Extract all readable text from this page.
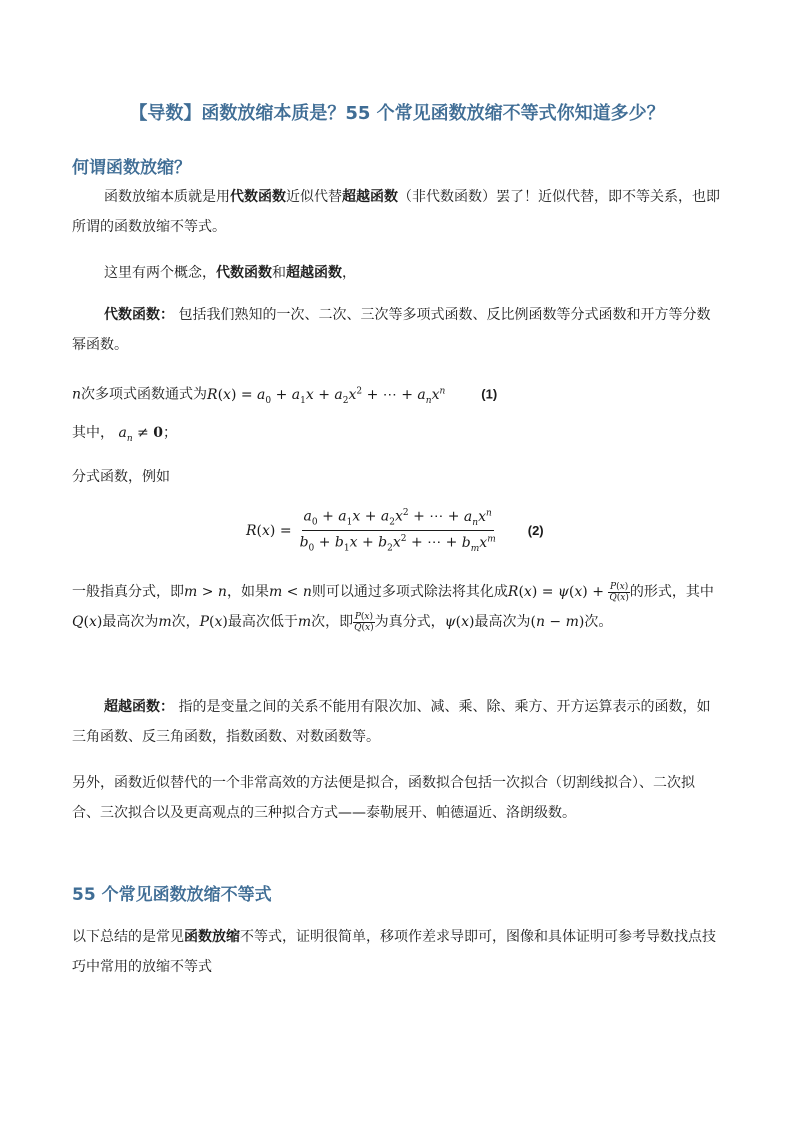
【导数】函数放缩本质是？55 个常见函数放缩不等式你知道多少？
何谓函数放缩？
函数放缩本质就是用代数函数近似代替超越函数（非代数函数）罢了！近似代替，即不等关系，也即所谓的函数放缩不等式。
这里有两个概念，代数函数和超越函数，
代数函数： 包括我们熟知的一次、二次、三次等多项式函数、反比例函数等分式函数和开方等分数幂函数。
n次多项式函数通式为$R(x) = a_0 + a_1x + a_2x^2$ + ⋯ + $a_nx^n$	(1)
其中， $a_n \ne 0$；
分式函数，例如
$R(x) = \frac{a_0 + a_1x + a_2x^2 + \cdots + a_nx^n}{b_0 + b_1x + b_2x^2 + \cdots + b_mx^m} (2)$
一般指真分式，即m > n，如果m < n则可以通过多项式除法将其化成$R(x) = \psi(x) + \frac{P(x)}{Q(x)}$ 的形式，其中Q(x)最高次为m次，P(x)最高次低于m次，即 $\frac{P(x)}{Q(x)}$ 为真分式，ψ(x)最高次为(n − m)次。
超越函数： 指的是变量之间的关系不能用有限次加、减、乘、除、乘方、开方运算表示的函数，如三角函数、反三角函数，指数函数、对数函数等。
另外，函数近似替代的一个非常高效的方法便是拟合，函数拟合包括一次拟合（切割线拟合）、二次拟合、三次拟合以及更高观点的三种拟合方式——泰勒展开、帕德逼近、洛朗级数。
55 个常见函数放缩不等式
以下总结的是常见函数放缩不等式，证明很简单，移项作差求导即可，图像和具体证明可参考导数找点技巧中常用的放缩不等式
